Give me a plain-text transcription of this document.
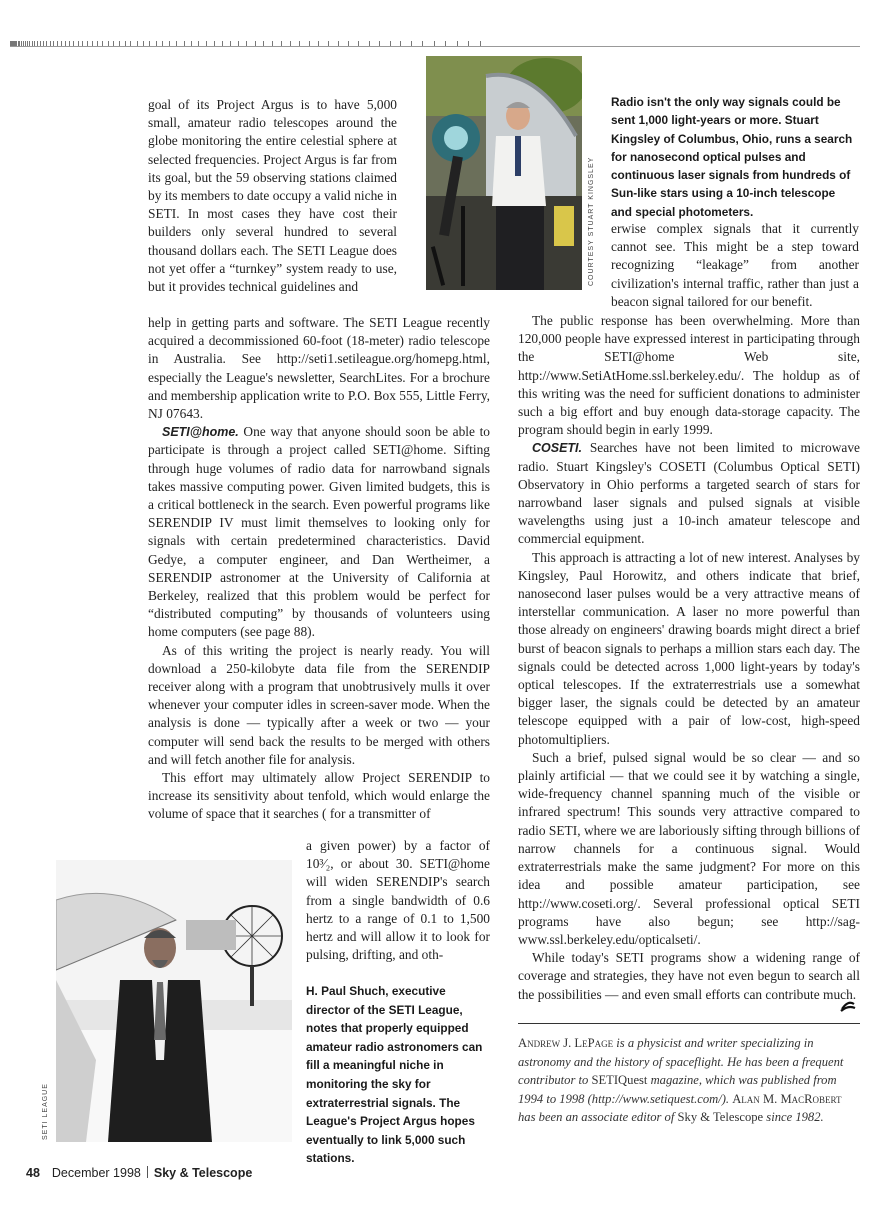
COURTESY STUART KINGSLEY
Radio isn't the only way signals could be sent 1,000 light-years or more. Stuart Kingsley of Columbus, Ohio, runs a search for nanosecond optical pulses and continuous laser signals from hundreds of Sun-like stars using a 10-inch telescope and special photometers.

goal of its Project Argus is to have 5,000 small, amateur radio telescopes around the globe monitoring the entire celestial sphere at selected frequencies. Project Argus is far from its goal, but the 59 observing stations claimed by its members to date occupy a valid niche in SETI. In most cases they have cost their builders only several hundred to several thousand dollars each. The SETI League does not yet offer a “turnkey” system ready to use, but it provides technical guidelines and

help in getting parts and software. The SETI League recently acquired a decommissioned 60-foot (18-meter) radio telescope in Australia. See http://seti1.setileague.org/homepg.html, especially the League's newsletter, SearchLites. For a brochure and membership application write to P.O. Box 555, Little Ferry, NJ 07643.

SETI@home. One way that anyone should soon be able to participate is through a project called SETI@home. Sifting through huge volumes of radio data for narrowband signals takes massive computing power. Given limited budgets, this is a critical bottleneck in the search. Even powerful programs like SERENDIP IV must limit themselves to looking only for signals with certain predetermined characteristics. David Gedye, a computer engineer, and Dan Wertheimer, a SERENDIP astronomer at the University of California at Berkeley, realized that this problem would be perfect for “distributed computing” by thousands of volunteers using home computers (see page 88).

As of this writing the project is nearly ready. You will download a 250-kilobyte data file from the SERENDIP receiver along with a program that unobtrusively mulls it over whenever your computer idles in screen-saver mode. When the analysis is done — typically after a week or two — your computer will send back the results to be merged with others and will fetch another file for analysis.

This effort may ultimately allow Project SERENDIP to increase its sensitivity about tenfold, which would enlarge the volume of space that it searches ( for a transmitter of

a given power) by a factor of 10³⁄₂, or about 30. SETI@home will widen SERENDIP's search from a single bandwidth of 0.6 hertz to a range of 0.1 to 1,500 hertz and will allow it to look for pulsing, drifting, and oth-

SETI LEAGUE
H. Paul Shuch, executive director of the SETI League, notes that properly equipped amateur radio astronomers can fill a meaningful niche in monitoring the sky for extraterrestrial signals. The League's Project Argus hopes eventually to link 5,000 such stations.

erwise complex signals that it currently cannot see. This might be a step toward recognizing “leakage” from another civilization's internal traffic, rather than just a beacon signal tailored for our benefit.

The public response has been overwhelming. More than 120,000 people have expressed interest in participating through the SETI@home Web site, http://www.SetiAtHome.ssl.berkeley.edu/. The holdup as of this writing was the need for sufficient donations to administer such a big effort and buy enough data-storage capacity. The program should begin in early 1999.

COSETI. Searches have not been limited to microwave radio. Stuart Kingsley's COSETI (Columbus Optical SETI) Observatory in Ohio performs a targeted search of stars for narrowband laser signals and pulsed signals at visible wavelengths using just a 10-inch amateur telescope and commercial equipment.

This approach is attracting a lot of new interest. Analyses by Kingsley, Paul Horowitz, and others indicate that brief, nanosecond laser pulses would be a very attractive means of interstellar communication. A laser no more powerful than those already on engineers' drawing boards might direct a brief burst of beacon signals to perhaps a million stars each day. The signals could be detected across 1,000 light-years by today's optical telescopes. If the extraterrestrials use a somewhat bigger laser, the signals could be detected by an amateur telescope equipped with a pair of low-cost, high-speed photomultipliers.

Such a brief, pulsed signal would be so clear — and so plainly artificial — that we could see it by watching a single, wide-frequency channel spanning much of the visible or infrared spectrum! This sounds very attractive compared to radio SETI, where we are laboriously sifting through billions of narrow channels for a continuous signal. Would extraterrestrials make the same judgment? For more on this idea and possible amateur participation, see http://www.coseti.org/. Several professional optical SETI programs have also begun; see http://sag-www.ssl.berkeley.edu/opticalseti/.

While today's SETI programs show a widening range of coverage and strategies, they have not even begun to search all the possibilities — and even small efforts can contribute much.

Andrew J. LePage is a physicist and writer specializing in astronomy and the history of spaceflight. He has been a frequent contributor to SETIQuest magazine, which was published from 1994 to 1998 (http://www.setiquest.com/). Alan M. MacRobert has been an associate editor of Sky & Telescope since 1982.
48 December 1998 Sky & Telescope
